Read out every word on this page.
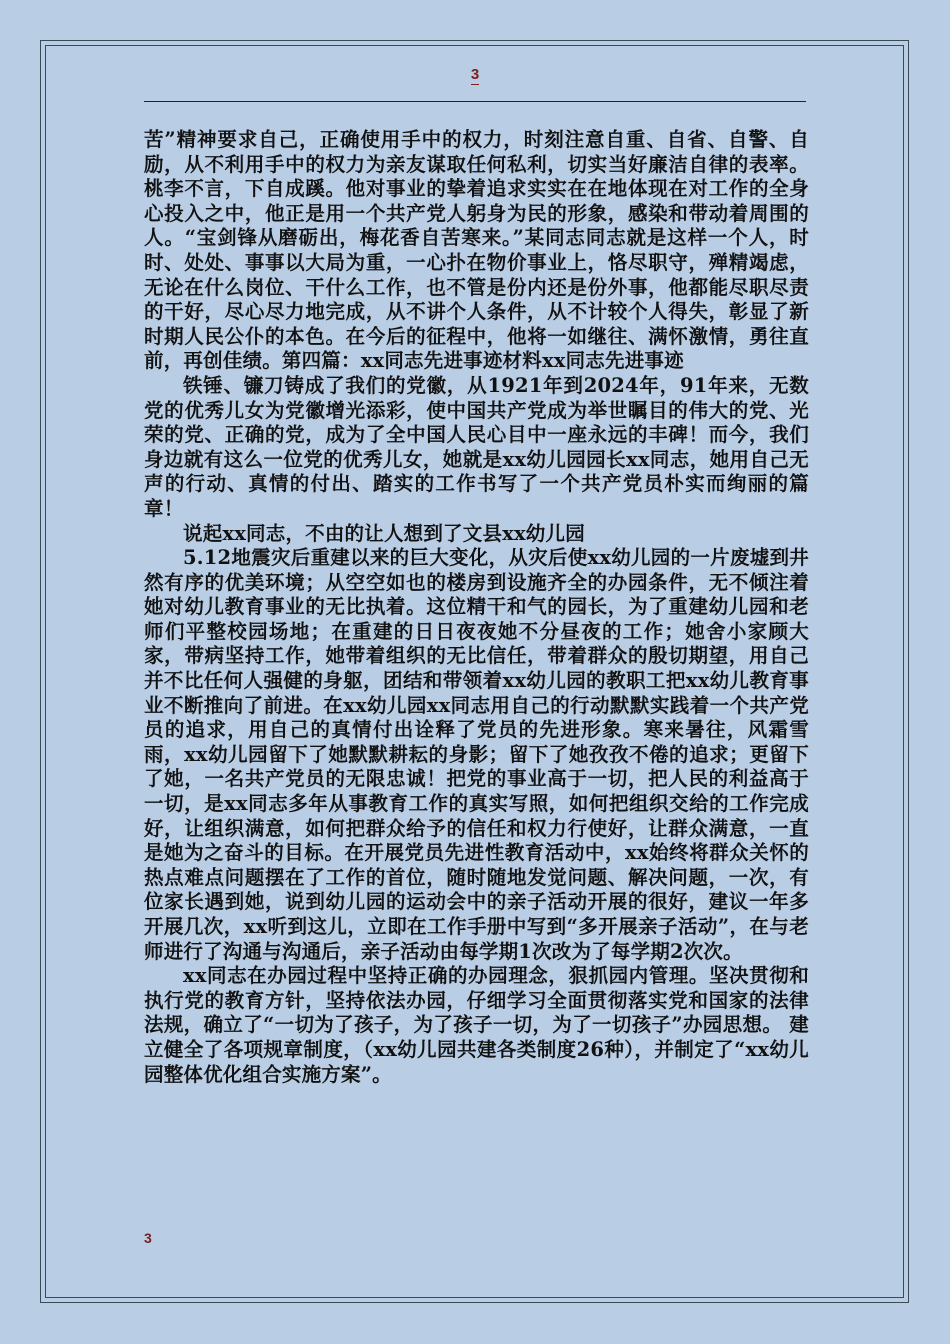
3

苦”精神要求自己，正确使用手中的权力，时刻注意自重、自省、自警、自励，从不利用手中的权力为亲友谋取任何私利，切实当好廉洁自律的表率。桃李不言，下自成蹊。他对事业的挚着追求实实在在地体现在对工作的全身心投入之中，他正是用一个共产党人躬身为民的形象，感染和带动着周围的人。“宝剑锋从磨砺出，梅花香自苦寒来。”某同志同志就是这样一个人，时时、处处、事事以大局为重，一心扑在物价事业上，恪尽职守，殚精竭虑，无论在什么岗位、干什么工作，也不管是份内还是份外事，他都能尽职尽责的干好，尽心尽力地完成，从不讲个人条件，从不计较个人得失，彰显了新时期人民公仆的本色。在今后的征程中，他将一如继往、满怀激情，勇往直前，再创佳绩。第四篇：xx同志先进事迹材料xx同志先进事迹

铁锤、镰刀铸成了我们的党徽，从1921年到2024年，91年来，无数党的优秀儿女为党徽增光添彩，使中国共产党成为举世瞩目的伟大的党、光荣的党、正确的党，成为了全中国人民心目中一座永远的丰碑！而今，我们身边就有这么一位党的优秀儿女，她就是xx幼儿园园长xx同志，她用自己无声的行动、真情的付出、踏实的工作书写了一个共产党员朴实而绚丽的篇章！

说起xx同志，不由的让人想到了文县xx幼儿园

5.12地震灾后重建以来的巨大变化，从灾后使xx幼儿园的一片废墟到井然有序的优美环境；从空空如也的楼房到设施齐全的办园条件，无不倾注着她对幼儿教育事业的无比执着。这位精干和气的园长，为了重建幼儿园和老师们平整校园场地；在重建的日日夜夜她不分昼夜的工作；她舍小家顾大家，带病坚持工作，她带着组织的无比信任，带着群众的殷切期望，用自己并不比任何人强健的身躯，团结和带领着xx幼儿园的教职工把xx幼儿教育事业不断推向了前进。在xx幼儿园xx同志用自己的行动默默实践着一个共产党员的追求，用自己的真情付出诠释了党员的先进形象。寒来暑往，风霜雪雨，xx幼儿园留下了她默默耕耘的身影；留下了她孜孜不倦的追求；更留下了她，一名共产党员的无限忠诚！把党的事业高于一切，把人民的利益高于一切，是xx同志多年从事教育工作的真实写照，如何把组织交给的工作完成好，让组织满意，如何把群众给予的信任和权力行使好，让群众满意，一直是她为之奋斗的目标。在开展党员先进性教育活动中，xx始终将群众关怀的热点难点问题摆在了工作的首位，随时随地发觉问题、解决问题，一次，有位家长遇到她，说到幼儿园的运动会中的亲子活动开展的很好，建议一年多开展几次，xx听到这儿，立即在工作手册中写到“多开展亲子活动”，在与老师进行了沟通与沟通后，亲子活动由每学期1次改为了每学期2次次。

xx同志在办园过程中坚持正确的办园理念，狠抓园内管理。坚决贯彻和执行党的教育方针，坚持依法办园，仔细学习全面贯彻落实党和国家的法律法规，确立了“一切为了孩子，为了孩子一切，为了一切孩子”办园思想。 建立健全了各项规章制度，（xx幼儿园共建各类制度26种），并制定了“xx幼儿园整体优化组合实施方案”。

3
